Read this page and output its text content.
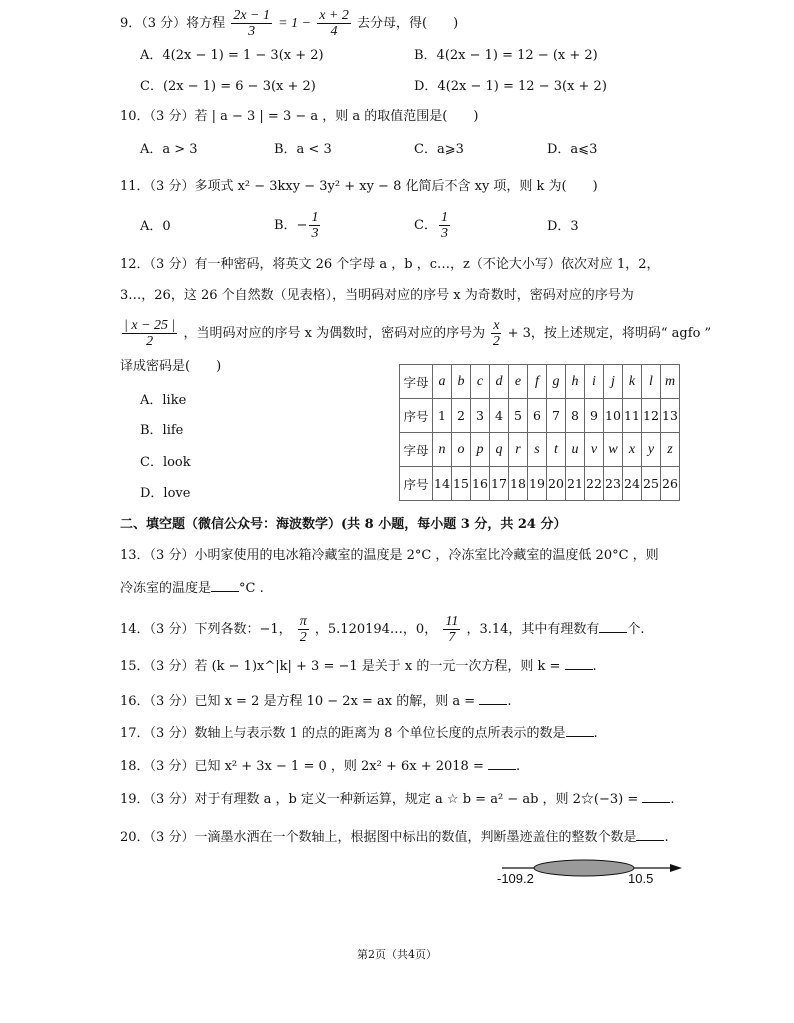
9．（3 分）将方程 $\frac{2x - 1}{3} = 1 - \frac{x + 2}{4}$ 去分母，得(　　)
A．4(2x − 1) = 1 − 3(x + 2)	B．4(2x − 1) = 12 − (x + 2)
C．(2x − 1) = 6 − 3(x + 2)	D．4(2x − 1) = 12 − 3(x + 2)
10．（3 分）若 | a − 3 | = 3 − a ，则 a 的取值范围是(　　)
A．a > 3	B．a < 3	C．a⩾3	D．a⩽3
11．（3 分）多项式 x² − 3kxy − 3y² + xy − 8 化简后不含 xy 项，则 k 为(　　)
A．0	B．− $\frac{1}{3}$	C． $\frac{1}{3}$	D．3
12．（3 分）有一种密码，将英文 26 个字母 a ，b ，c…，z（不论大小写）依次对应 1，2，
3…，26，这 26 个自然数（见表格），当明码对应的序号 x 为奇数时，密码对应的序号为
$\frac{| x - 25 |}{2}$ ，当明码对应的序号 x 为偶数时，密码对应的序号为 $\frac{x}{2} + 3$，按上述规定，将明码“ agfo ”
译成密码是(　　)
A．like
B．life
C．look
D．love
字母	a	b	c	d	e	f	g	h	i	j	k	l	m
序号	1	2	3	4	5	6	7	8	9	10	11	12	13
字母	n	o	p	q	r	s	t	u	v	w	x	y	z
序号	14	15	16	17	18	19	20	21	22	23	24	25	26
二、填空题（微信公众号：海波数学）(共 8 小题，每小题 3 分，共 24 分）
13．（3 分）小明家使用的电冰箱冷藏室的温度是 2°C ，冷冻室比冷藏室的温度低 20°C ，则
冷冻室的温度是 °C .
14．（3 分）下列各数：−1， $\frac{\pi}{2}$ ，5.120194…，0， $\frac{11}{7}$ ，3.14，其中有理数有 个.
15．（3 分）若 (k − 1)x^|k| + 3 = −1 是关于 x 的一元一次方程，则 k = .
16．（3 分）已知 x = 2 是方程 10 − 2x = ax 的解，则 a = .
17．（3 分）数轴上与表示数 1 的点的距离为 8 个单位长度的点所表示的数是 .
18．（3 分）已知 x² + 3x − 1 = 0 ，则 2x² + 6x + 2018 = .
19．（3 分）对于有理数 a ，b 定义一种新运算，规定 a ☆ b = a² − ab ，则 2☆(−3) = .
20．（3 分）一滴墨水洒在一个数轴上，根据图中标出的数值，判断墨迹盖住的整数个数是 .
-109.2	10.5
第2页（共4页）
